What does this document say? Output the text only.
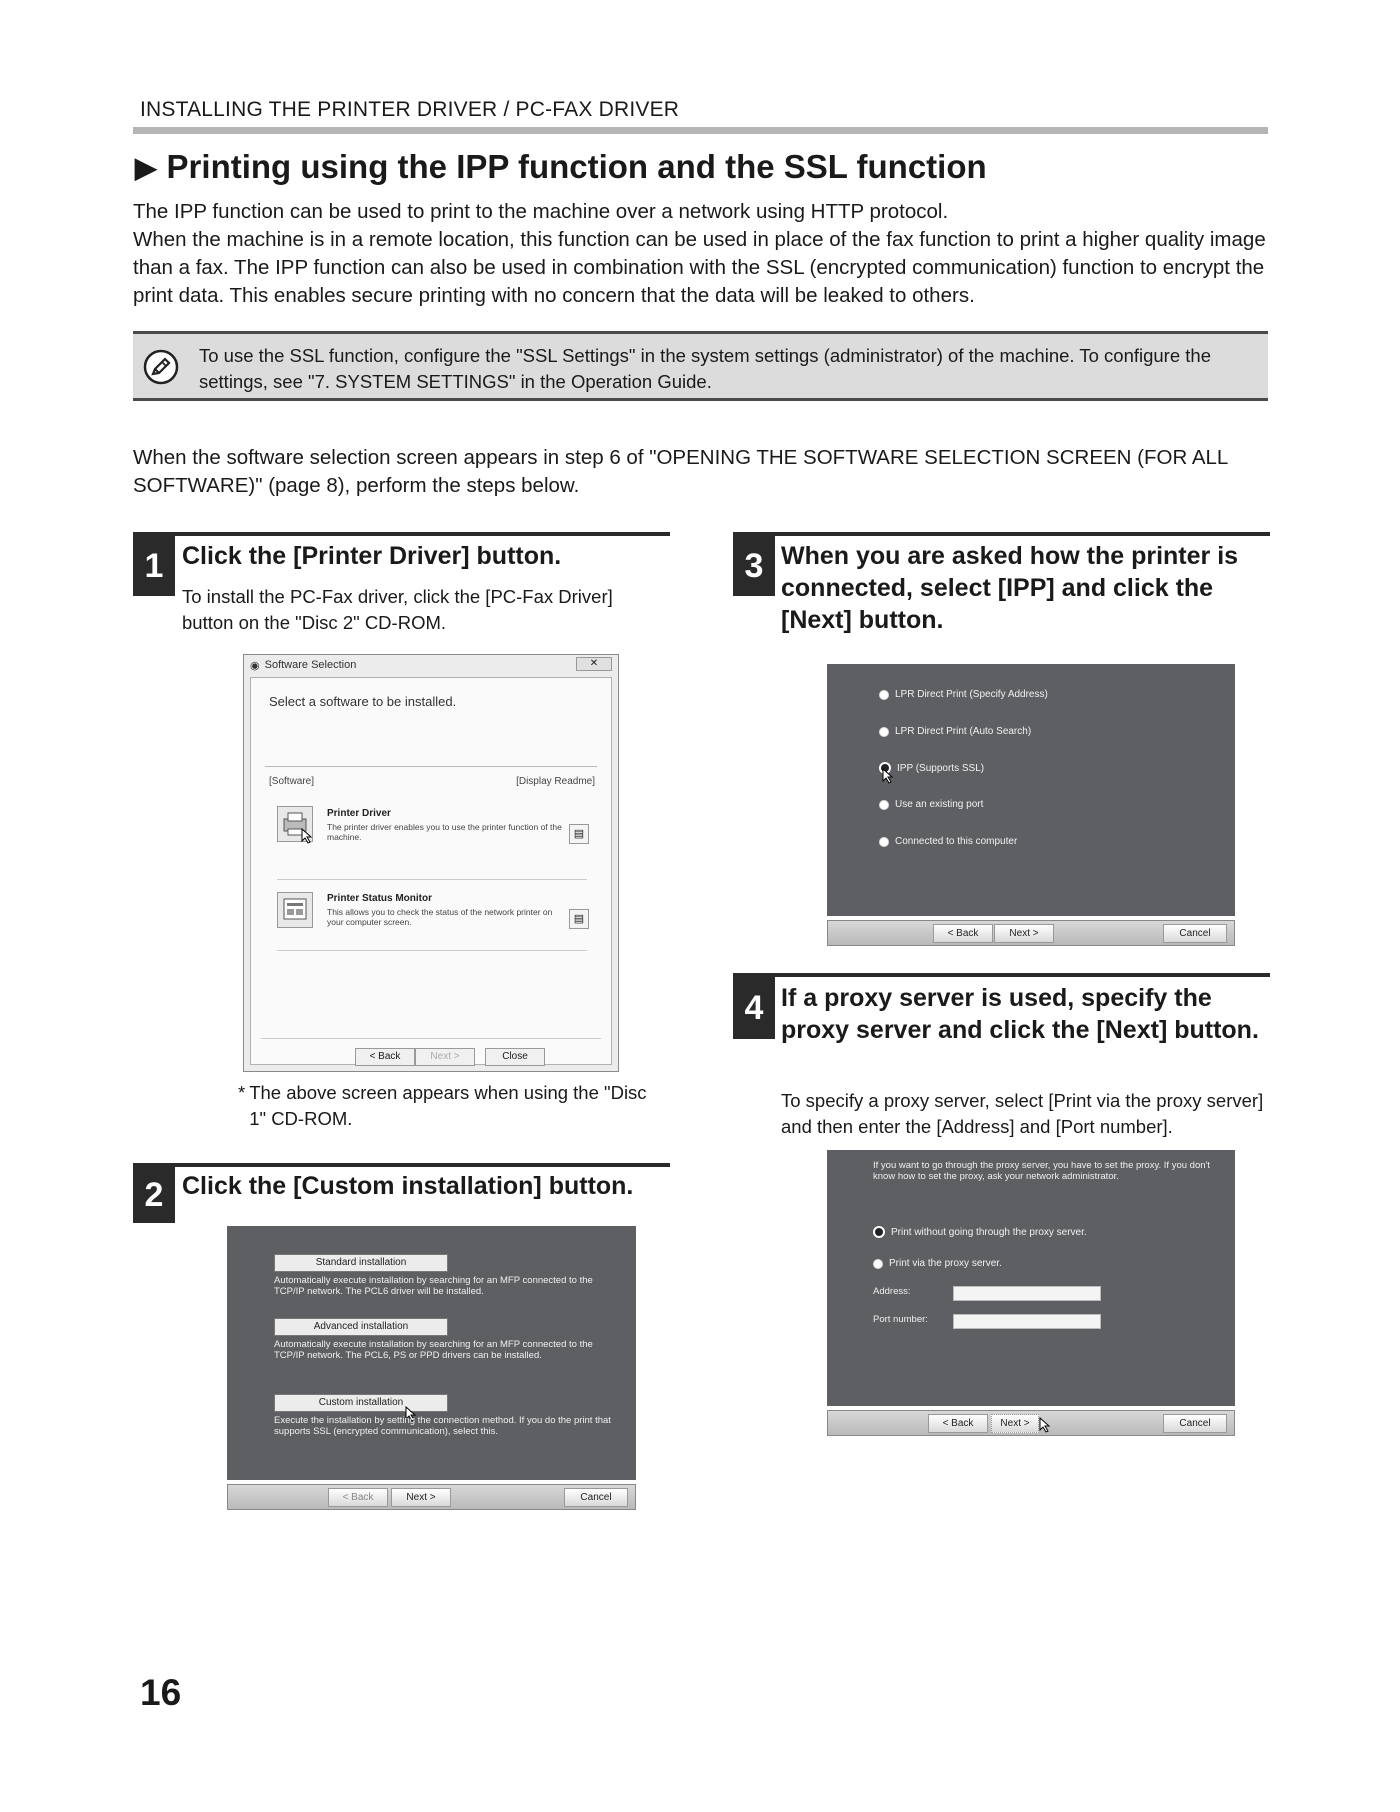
INSTALLING THE PRINTER DRIVER / PC-FAX DRIVER
▶ Printing using the IPP function and the SSL function

The IPP function can be used to print to the machine over a network using HTTP protocol.

When the machine is in a remote location, this function can be used in place of the fax function to print a higher quality image than a fax. The IPP function can also be used in combination with the SSL (encrypted communication) function to encrypt the print data. This enables secure printing with no concern that the data will be leaked to others.

To use the SSL function, configure the "SSL Settings" in the system settings (administrator) of the machine. To configure the settings, see "7. SYSTEM SETTINGS" in the Operation Guide.
When the software selection screen appears in step 6 of "OPENING THE SOFTWARE SELECTION SCREEN (FOR ALL SOFTWARE)" (page 8), perform the steps below.
1 Click the [Printer Driver] button.
To install the PC-Fax driver, click the [PC-Fax Driver] button on the "Disc 2" CD-ROM.
◉ Software Selection	✕
Select a software to be installed.
[Software]	[Display Readme]
Printer Driver
The printer driver enables you to use the printer function of the machine.	▤
Printer Status Monitor
This allows you to check the status of the network printer on your computer screen.	▤
< Back	Next >	Close
* The above screen appears when using the "Disc 1" CD-ROM.
2 Click the [Custom installation] button.
Standard installation
Automatically execute installation by searching for an MFP connected to the TCP/IP network. The PCL6 driver will be installed.
Advanced installation
Automatically execute installation by searching for an MFP connected to the TCP/IP network. The PCL6, PS or PPD drivers can be installed.
Custom installation
Execute the installation by setting the connection method. If you do the print that supports SSL (encrypted communication), select this.
< Back	Next >	Cancel
3 When you are asked how the printer is connected, select [IPP] and click the [Next] button.
LPR Direct Print (Specify Address)
LPR Direct Print (Auto Search)
IPP (Supports SSL)
Use an existing port
Connected to this computer
< Back	Next >	Cancel
4 If a proxy server is used, specify the proxy server and click the [Next] button.
To specify a proxy server, select [Print via the proxy server] and then enter the [Address] and [Port number].
If you want to go through the proxy server, you have to set the proxy. If you don't know how to set the proxy, ask your network administrator.
Print without going through the proxy server.
Print via the proxy server.
Address:
Port number:
< Back	Next >	Cancel
16
